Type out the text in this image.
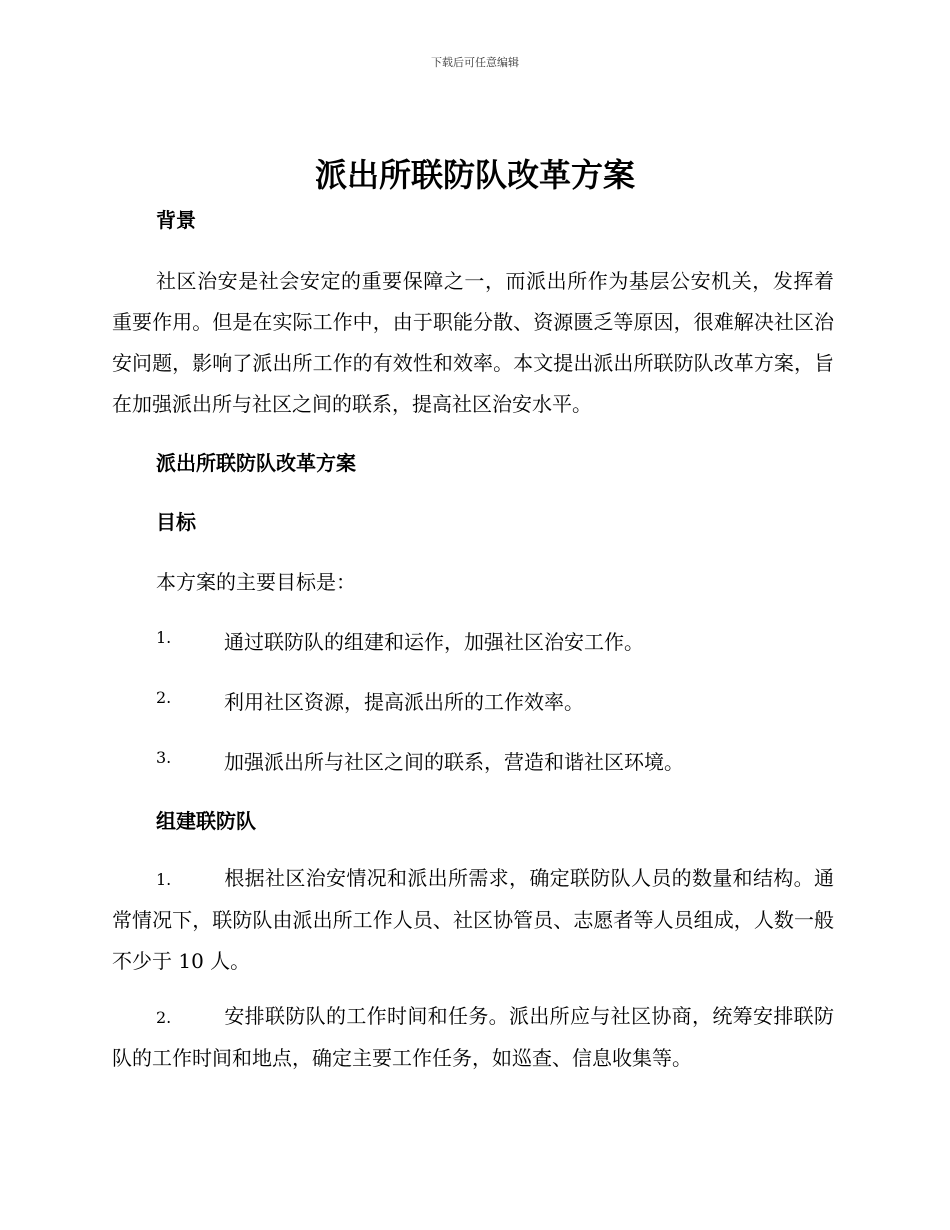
下载后可任意编辑
派出所联防队改革方案

背景

社区治安是社会安定的重要保障之一，而派出所作为基层公安机关，发挥着重要作用。但是在实际工作中，由于职能分散、资源匮乏等原因，很难解决社区治安问题，影响了派出所工作的有效性和效率。本文提出派出所联防队改革方案，旨在加强派出所与社区之间的联系，提高社区治安水平。

派出所联防队改革方案

目标

本方案的主要目标是：

1.	通过联防队的组建和运作，加强社区治安工作。
2.	利用社区资源，提高派出所的工作效率。
3.	加强派出所与社区之间的联系，营造和谐社区环境。

组建联防队

1.	根据社区治安情况和派出所需求，确定联防队人员的数量和结构。通常情况下，联防队由派出所工作人员、社区协管员、志愿者等人员组成，人数一般不少于 10 人。

2.	安排联防队的工作时间和任务。派出所应与社区协商，统筹安排联防队的工作时间和地点，确定主要工作任务，如巡查、信息收集等。
